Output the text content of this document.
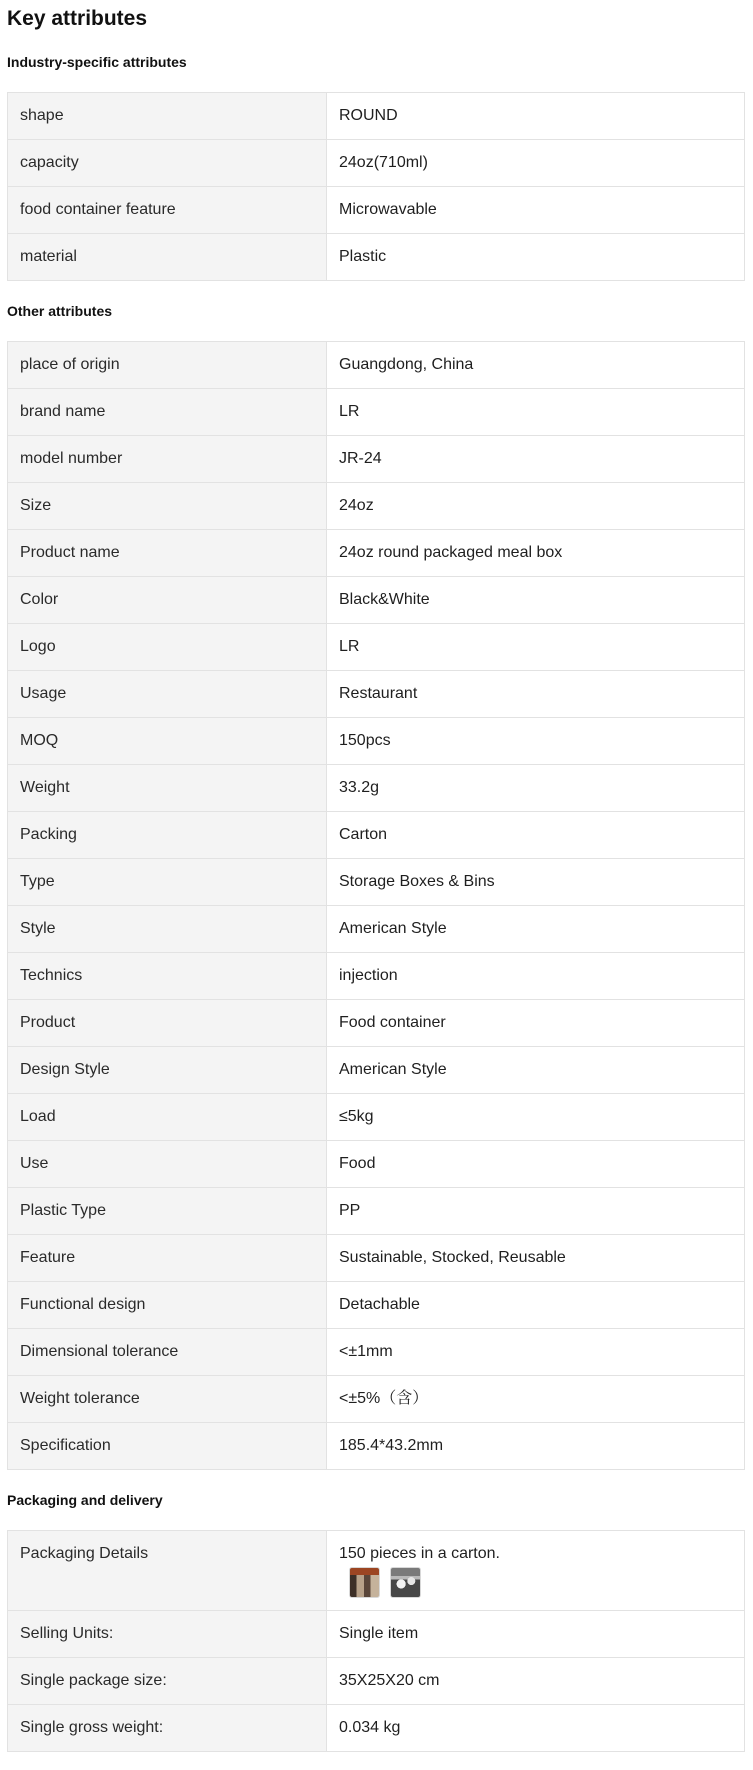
Key attributes
Industry-specific attributes
shape	ROUND

capacity	24oz(710ml)

food container feature	Microwavable

material	Plastic
Other attributes
place of origin	Guangdong, China

brand name	LR

model number	JR-24

Size	24oz

Product name	24oz round packaged meal box

Color	Black&White

Logo	LR

Usage	Restaurant

MOQ	150pcs

Weight	33.2g

Packing	Carton

Type	Storage Boxes & Bins

Style	American Style

Technics	injection

Product	Food container

Design Style	American Style

Load	≤5kg

Use	Food

Plastic Type	PP

Feature	Sustainable, Stocked, Reusable

Functional design	Detachable

Dimensional tolerance	<±1mm

Weight tolerance	<±5%（含）

Specification	185.4*43.2mm
Packaging and delivery
Packaging Details	150 pieces in a carton.

Selling Units:	Single item

Single package size:	35X25X20 cm

Single gross weight:	0.034 kg
